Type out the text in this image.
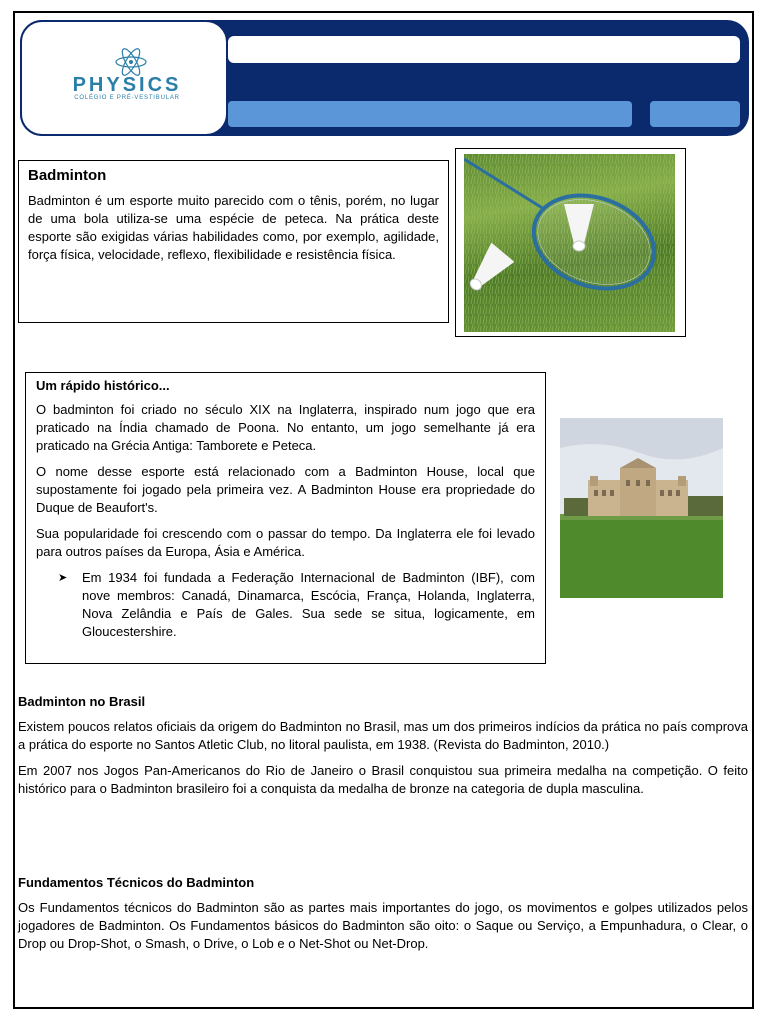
PHYSICS
COLÉGIO E PRÉ-VESTIBULAR
Badminton
Badminton é um esporte muito parecido com o tênis, porém, no lugar de uma bola utiliza-se uma espécie de peteca. Na prática deste esporte são exigidas várias habilidades como, por exemplo, agilidade, força física, velocidade, reflexo, flexibilidade e resistência física.
Um rápido histórico...

O badminton foi criado no século XIX na Inglaterra, inspirado num jogo que era praticado na Índia chamado de Poona. No entanto, um jogo semelhante já era praticado na Grécia Antiga: Tamborete e Peteca.

O nome desse esporte está relacionado com a Badminton House, local que supostamente foi jogado pela primeira vez. A Badminton House era propriedade do Duque de Beaufort's.

Sua popularidade foi crescendo com o passar do tempo. Da Inglaterra ele foi levado para outros países da Europa, Ásia e América.

➤	Em 1934 foi fundada a Federação Internacional de Badminton (IBF), com nove membros: Canadá, Dinamarca, Escócia, França, Holanda, Inglaterra, Nova Zelândia e País de Gales. Sua sede se situa, logicamente, em Gloucestershire.
Badminton no Brasil

Existem poucos relatos oficiais da origem do Badminton no Brasil, mas um dos primeiros indícios da prática no país comprova a prática do esporte no Santos Atletic Club, no litoral paulista, em 1938. (Revista do Badminton, 2010.)

Em 2007 nos Jogos Pan-Americanos do Rio de Janeiro o Brasil conquistou sua primeira medalha na competição. O feito histórico para o Badminton brasileiro foi a conquista da medalha de bronze na categoria de dupla masculina.

Fundamentos Técnicos do Badminton

Os Fundamentos técnicos do Badminton são as partes mais importantes do jogo, os movimentos e golpes utilizados pelos jogadores de Badminton. Os Fundamentos básicos do Badminton são oito: o Saque ou Serviço, a Empunhadura, o Clear, o Drop ou Drop-Shot, o Smash, o Drive, o Lob e o Net-Shot ou Net-Drop.
